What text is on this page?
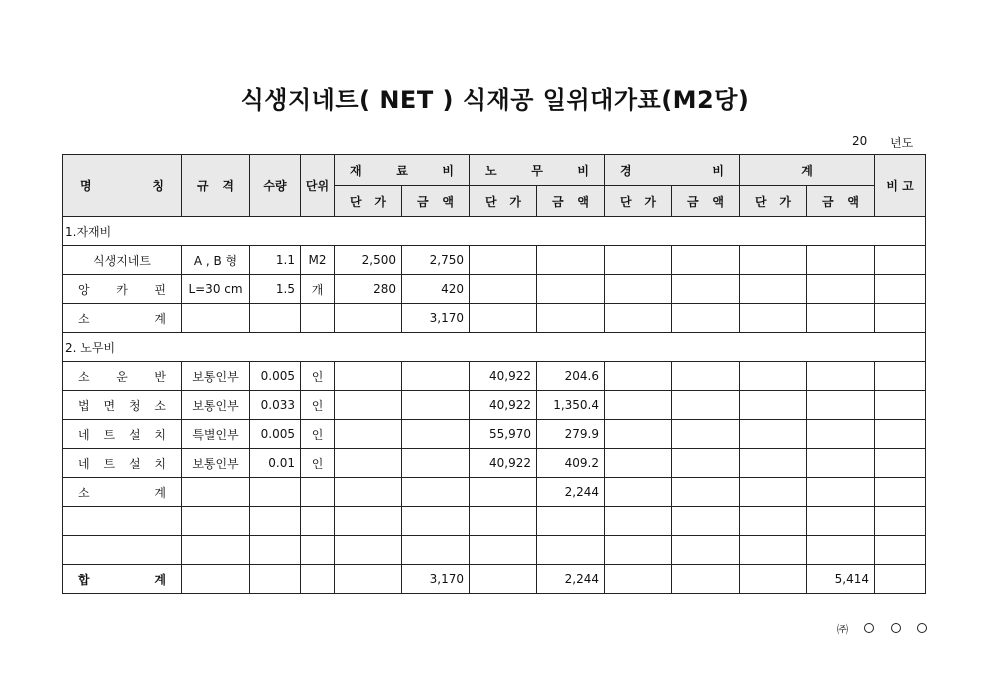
식생지네트( NET ) 식재공 일위대가표(M2당)
20 년도
명 칭	규 격	수량	단위	재 료 비		노 무 비		경 비		계		비 고

				단 가	금 액	단 가	금 액	단 가	금 액	단 가	금 액	

1.자재비												
식생지네트	A , B 형	1.1	M2	2,500	2,750							

앙 카 핀	L=30 cm	1.5	개	280	420							

소 계					3,170							
2. 노무비												

소 운 반	보통인부	0.005	인			40,922	204.6					

법 면 청 소	보통인부	0.033	인			40,922	1,350.4					

네 트 설 치	특별인부	0.005	인			55,970	279.9					

네 트 설 치	보통인부	0.01	인			40,922	409.2					

소 계							2,244					

합 계					3,170		2,244				5,414	
㈜
